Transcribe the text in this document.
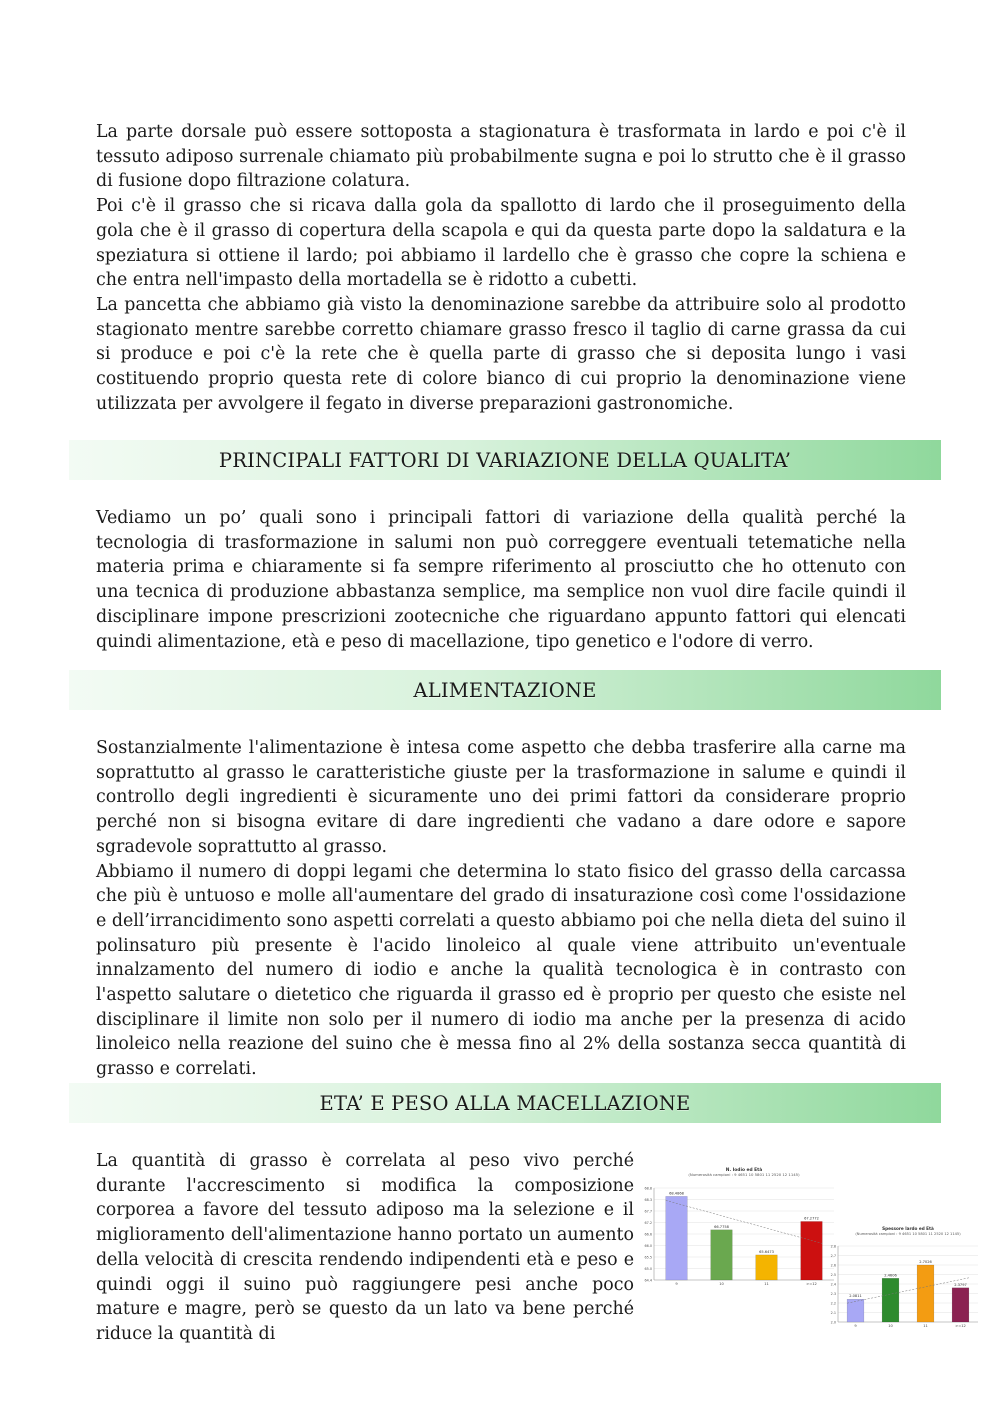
La parte dorsale può essere sottoposta a stagionatura è trasformata in lardo e poi c'è il tessuto adiposo surrenale chiamato più probabilmente sugna e poi lo strutto che è il grasso di fusione dopo filtrazione colatura.

Poi c'è il grasso che si ricava dalla gola da spallotto di lardo che il proseguimento della gola che è il grasso di copertura della scapola e qui da questa parte dopo la saldatura e la speziatura si ottiene il lardo; poi abbiamo il lardello che è grasso che copre la schiena e che entra nell'impasto della mortadella se è ridotto a cubetti.

La pancetta che abbiamo già visto la denominazione sarebbe da attribuire solo al prodotto stagionato mentre sarebbe corretto chiamare grasso fresco il taglio di carne grassa da cui si produce e poi c'è la rete che è quella parte di grasso che si deposita lungo i vasi costituendo proprio questa rete di colore bianco di cui proprio la denominazione viene utilizzata per avvolgere il fegato in diverse preparazioni gastronomiche.

PRINCIPALI FATTORI DI VARIAZIONE DELLA QUALITA’

Vediamo un po’ quali sono i principali fattori di variazione della qualità perché la tecnologia di trasformazione in salumi non può correggere eventuali tetematiche nella materia prima e chiaramente si fa sempre riferimento al prosciutto che ho ottenuto con una tecnica di produzione abbastanza semplice, ma semplice non vuol dire facile quindi il disciplinare impone prescrizioni zootecniche che riguardano appunto fattori qui elencati quindi alimentazione, età e peso di macellazione, tipo genetico e l'odore di verro.

ALIMENTAZIONE

Sostanzialmente l'alimentazione è intesa come aspetto che debba trasferire alla carne ma soprattutto al grasso le caratteristiche giuste per la trasformazione in salume e quindi il controllo degli ingredienti è sicuramente uno dei primi fattori da considerare proprio perché non si bisogna evitare di dare ingredienti che vadano a dare odore e sapore sgradevole soprattutto al grasso.

Abbiamo il numero di doppi legami che determina lo stato fisico del grasso della carcassa che più è untuoso e molle all'aumentare del grado di insaturazione così come l'ossidazione e dell’irrancidimento sono aspetti correlati a questo abbiamo poi che nella dieta del suino il polinsaturo più presente è l'acido linoleico al quale viene attribuito un'eventuale innalzamento del numero di iodio e anche la qualità tecnologica è in contrasto con l'aspetto salutare o dietetico che riguarda il grasso ed è proprio per questo che esiste nel disciplinare il limite non solo per il numero di iodio ma anche per la presenza di acido linoleico nella reazione del suino che è messa fino al 2% della sostanza secca quantità di grasso e correlati.

ETA’ E PESO ALLA MACELLAZIONE

La quantità di grasso è correlata al peso vivo perché durante l'accrescimento si modifica la composizione corporea a favore del tessuto adiposo ma la selezione e il miglioramento dell'alimentazione hanno portato un aumento della velocità di crescita rendendo indipendenti età e peso e quindi oggi il suino può raggiungere pesi anche poco mature e magre, però se questo da un lato va bene perché riduce la quantità di

N. Iodio ed Età
(Numerosità campioni : 9 4651 10 5801 11 2520 12 1145)
64.4
65.0
65.5
66.0
66.6
67.2
67.7
68.3
68.8
68.4868
9
66.7758
10
65.6473
11
67.2772
>=12
Spessore lardo ed Età
(Numerosità campioni : 9 4651 10 5801 11 2520 12 1145)
2.0
2.1
2.2
2.3
2.4
2.5
2.6
2.7
2.8
2.0811
9
2.4606
10
2.7026
11
2.3797
>=12
